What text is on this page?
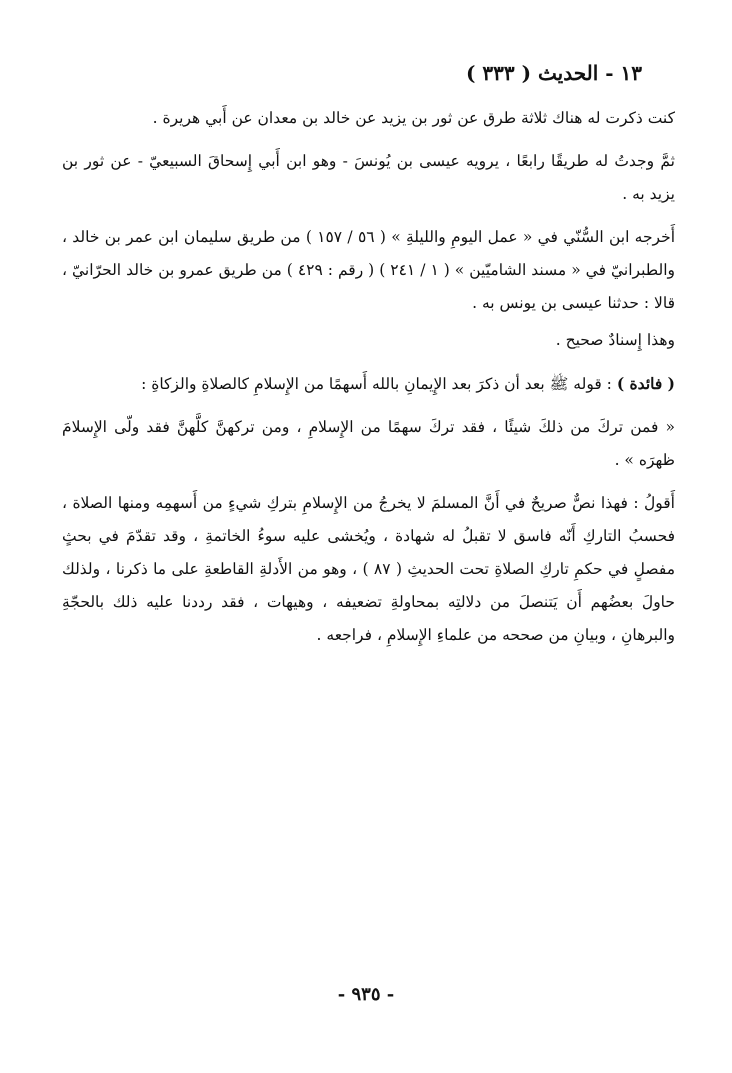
١٣ - الحديث ( ٣٣٣ )

كنت ذكرت له هناك ثلاثة طرق عن ثور بن يزيد عن خالد بن معدان عن أَبي هريرة .

ثمَّ وجدتُ له طريقًا رابعًا ، يرويه عيسى بن يُونسَ - وهو ابن أَبي إِسحاقَ السبيعيّ - عن ثور بن يزيد به .

أَخرجه ابن السُّنّي في « عمل اليومِ والليلةِ » ( ٥٦ / ١٥٧ ) من طريق سليمان ابن عمر بن خالد ، والطبرانيّ في « مسند الشاميّين » ( ١ / ٢٤١ ) ( رقم : ٤٢٩ ) من طريق عمرو بن خالد الحرّانيّ ، قالا : حدثنا عيسى بن يونس به .

وهذا إِسنادٌ صحيح .

( فائدة ) : قوله ﷺ بعد أن ذكرَ بعد الإِيمانِ بالله أَسهمًا من الإِسلامِ كالصلاةِ والزكاةِ :

« فمن تركَ من ذلكَ شيئًا ، فقد تركَ سهمًا من الإِسلامِ ، ومن تركهنَّ كلَّهنَّ فقد ولّى الإِسلامَ ظهرَه » .

أَقولُ : فهذا نصٌّ صريحٌ في أَنَّ المسلمَ لا يخرجُ من الإِسلامِ بتركِ شيءٍ من أَسهمِه ومنها الصلاة ، فحسبُ التاركِ أَنّه فاسق لا تقبلُ له شهادة ، ويُخشى عليه سوءُ الخاتمةِ ، وقد تقدّمَ في بحثٍ مفصلٍ في حكمِ تاركِ الصلاةِ تحت الحديثِ ( ٨٧ ) ، وهو من الأَدلةِ القاطعةِ على ما ذكرنا ، ولذلك حاولَ بعضُهم أَن يَتنصلَ من دلالتِه بمحاولةِ تضعيفه ، وهيهات ، فقد رددنا عليه ذلك بالحجّةِ والبرهانِ ، وبيانِ من صححه من علماءِ الإِسلامِ ، فراجعه .

- ٩٣٥ -
